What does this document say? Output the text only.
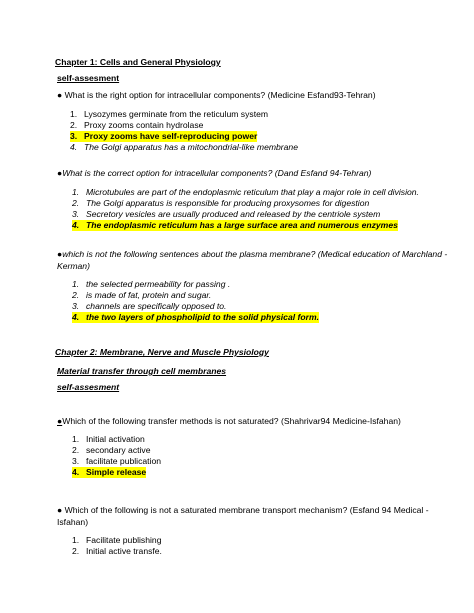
Chapter 1: Cells and General Physiology
self-assesment
● What is the right option for intracellular components? (Medicine Esfand93-Tehran)
1. Lysozymes germinate from the reticulum system
2. Proxy zooms contain hydrolase
3. Proxy zooms have self-reproducing power
4. The Golgi apparatus has a mitochondrial-like membrane
●What is the correct option for intracellular components? (Dand Esfand 94-Tehran)
1. Microtubules are part of the endoplasmic reticulum that play a major role in cell division.
2. The Golgi apparatus is responsible for producing proxysomes for digestion
3. Secretory vesicles are usually produced and released by the centriole system
4. The endoplasmic reticulum has a large surface area and numerous enzymes
●which is not the following sentences about the plasma membrane? (Medical education of Marchland -
Kerman)
1. the selected permeability for passing .
2. is made of fat, protein and sugar.
3. channels are specifically opposed to.
4. the two layers of phospholipid to the solid physical form.
Chapter 2: Membrane, Nerve and Muscle Physiology
Material transfer through cell membranes
self-assesment
●Which of the following transfer methods is not saturated? (Shahrivar94 Medicine-Isfahan)
1. Initial activation
2. secondary active
3. facilitate publication
4. Simple release
● Which of the following is not a saturated membrane transport mechanism? (Esfand 94 Medical -
Isfahan)
1. Facilitate publishing
2. Initial active transfe.
